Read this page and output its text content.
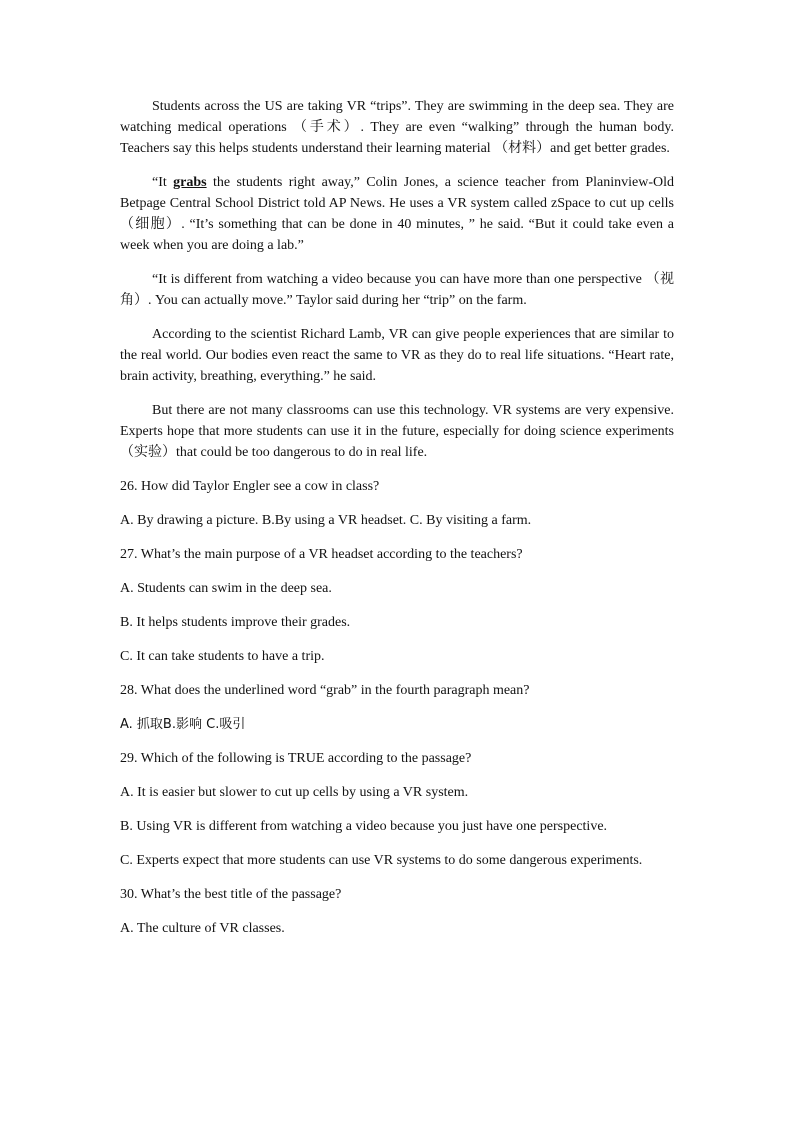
Students across the US are taking VR “trips”. They are swimming in the deep sea. They are watching medical operations （手术）. They are even “walking” through the human body. Teachers say this helps students understand their learning material （材料）and get better grades.

“It grabs the students right away,” Colin Jones, a science teacher from Planinview-Old Betpage Central School District told AP News. He uses a VR system called zSpace to cut up cells （细胞）. “It’s something that can be done in 40 minutes, ” he said. “But it could take even a week when you are doing a lab.”

“It is different from watching a video because you can have more than one perspective （视角）. You can actually move.” Taylor said during her “trip” on the farm.

According to the scientist Richard Lamb, VR can give people experiences that are similar to the real world. Our bodies even react the same to VR as they do to real life situations. “Heart rate, brain activity, breathing, everything.” he said.

But there are not many classrooms can use this technology. VR systems are very expensive. Experts hope that more students can use it in the future, especially for doing science experiments （实验）that could be too dangerous to do in real life.

26. How did Taylor Engler see a cow in class?

A. By drawing a picture. B.By using a VR headset. C. By visiting a farm.

27. What’s the main purpose of a VR headset according to the teachers?

A. Students can swim in the deep sea.

B. It helps students improve their grades.

C. It can take students to have a trip.

28. What does the underlined word “grab” in the fourth paragraph mean?

A. 抓取B.影响 C.吸引

29. Which of the following is TRUE according to the passage?

A. It is easier but slower to cut up cells by using a VR system.

B. Using VR is different from watching a video because you just have one perspective.

C. Experts expect that more students can use VR systems to do some dangerous experiments.

30. What’s the best title of the passage?

A. The culture of VR classes.
